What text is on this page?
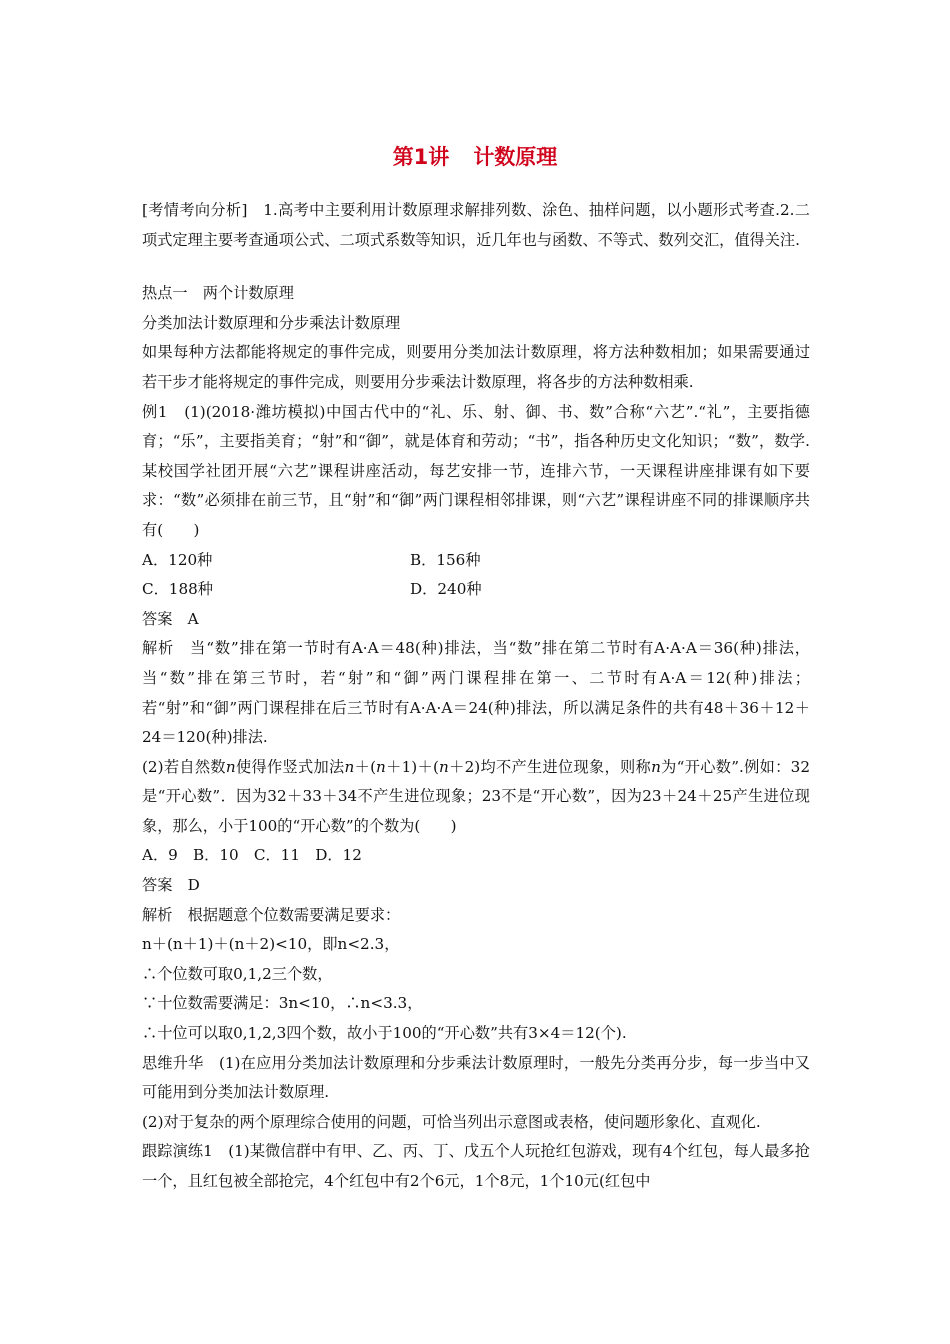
第1讲 计数原理

[考情考向分析]　1.高考中主要利用计数原理求解排列数、涂色、抽样问题，以小题形式考查.2.二项式定理主要考查通项公式、二项式系数等知识，近几年也与函数、不等式、数列交汇，值得关注.

热点一　两个计数原理

分类加法计数原理和分步乘法计数原理

如果每种方法都能将规定的事件完成，则要用分类加法计数原理，将方法种数相加；如果需要通过若干步才能将规定的事件完成，则要用分步乘法计数原理，将各步的方法种数相乘.

例1　(1)(2018·潍坊模拟)中国古代中的“礼、乐、射、御、书、数”合称“六艺”.“礼”，主要指德育；“乐”，主要指美育；“射”和“御”，就是体育和劳动；“书”，指各种历史文化知识；“数”，数学.某校国学社团开展“六艺”课程讲座活动，每艺安排一节，连排六节，一天课程讲座排课有如下要求：“数”必须排在前三节，且“射”和“御”两门课程相邻排课，则“六艺”课程讲座不同的排课顺序共有(　　)

A．120种	B．156种
C．188种	D．240种

答案　A

解析　当“数”排在第一节时有A·A＝48(种)排法，当“数”排在第二节时有A·A·A＝36(种)排法，当“数”排在第三节时，若“射”和“御”两门课程排在第一、二节时有A·A＝12(种)排法；若“射”和“御”两门课程排在后三节时有A·A·A＝24(种)排法，所以满足条件的共有48＋36＋12＋24＝120(种)排法.

(2)若自然数n使得作竖式加法n＋(n＋1)＋(n＋2)均不产生进位现象，则称n为“开心数”.例如：32是“开心数”．因为32＋33＋34不产生进位现象；23不是“开心数”，因为23＋24＋25产生进位现象，那么，小于100的“开心数”的个数为(　　)

A．9　B．10　C．11　D．12

答案　D

解析　根据题意个位数需要满足要求：

n＋(n＋1)＋(n＋2)<10，即n<2.3，

∴个位数可取0,1,2三个数，

∵十位数需要满足：3n<10，∴n<3.3，

∴十位可以取0,1,2,3四个数，故小于100的“开心数”共有3×4＝12(个).

思维升华　(1)在应用分类加法计数原理和分步乘法计数原理时，一般先分类再分步，每一步当中又可能用到分类加法计数原理.

(2)对于复杂的两个原理综合使用的问题，可恰当列出示意图或表格，使问题形象化、直观化.

跟踪演练1　(1)某微信群中有甲、乙、丙、丁、戊五个人玩抢红包游戏，现有4个红包，每人最多抢一个，且红包被全部抢完，4个红包中有2个6元，1个8元，1个10元(红包中
